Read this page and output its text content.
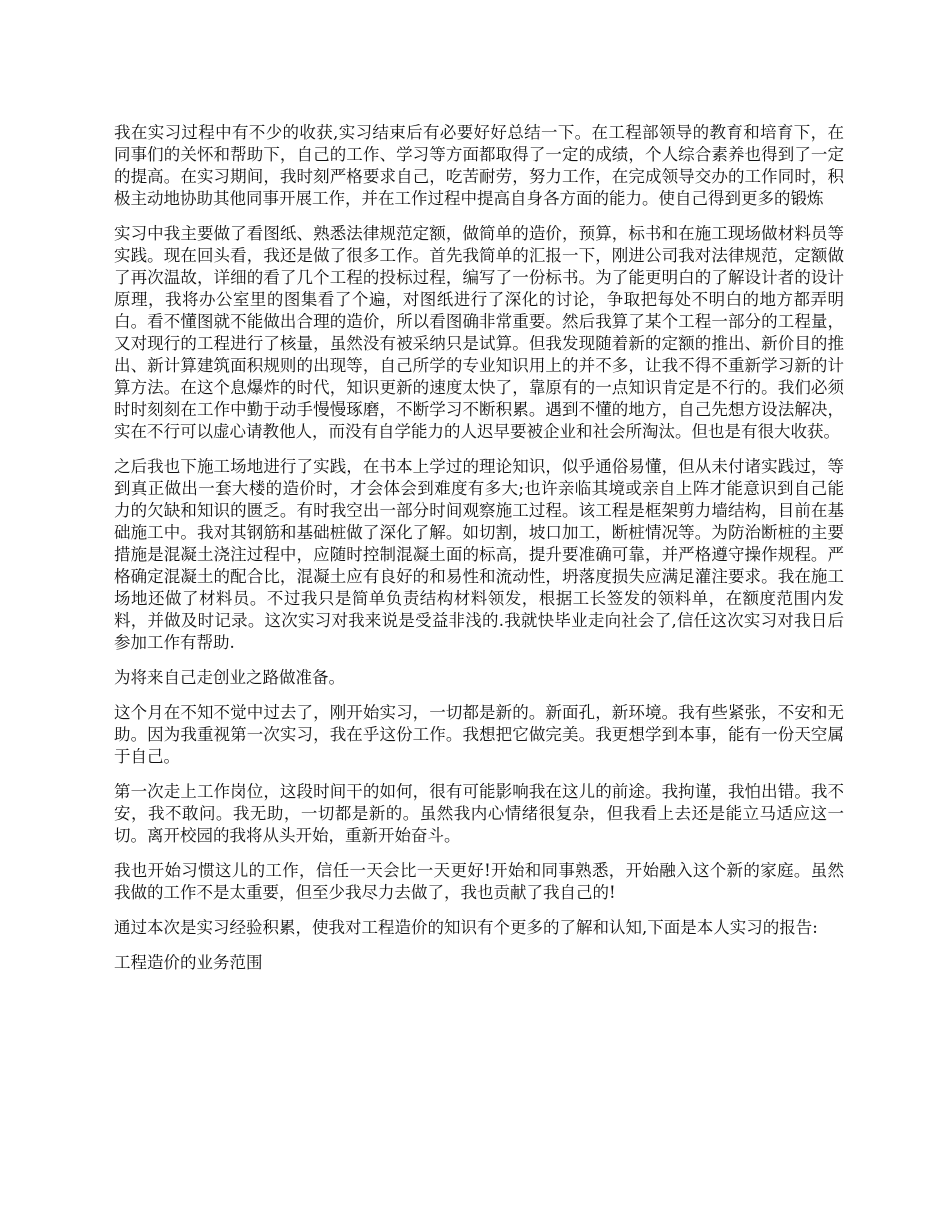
我在实习过程中有不少的收获,实习结束后有必要好好总结一下。在工程部领导的教育和培育下，在同事们的关怀和帮助下，自己的工作、学习等方面都取得了一定的成绩，个人综合素养也得到了一定的提高。在实习期间，我时刻严格要求自己，吃苦耐劳，努力工作，在完成领导交办的工作同时，积极主动地协助其他同事开展工作，并在工作过程中提高自身各方面的能力。使自己得到更多的锻炼

实习中我主要做了看图纸、熟悉法律规范定额，做简单的造价，预算，标书和在施工现场做材料员等实践。现在回头看，我还是做了很多工作。首先我简单的汇报一下，刚进公司我对法律规范，定额做了再次温故，详细的看了几个工程的投标过程，编写了一份标书。为了能更明白的了解设计者的设计原理，我将办公室里的图集看了个遍，对图纸进行了深化的讨论，争取把每处不明白的地方都弄明白。看不懂图就不能做出合理的造价，所以看图确非常重要。然后我算了某个工程一部分的工程量，又对现行的工程进行了核量，虽然没有被采纳只是试算。但我发现随着新的定额的推出、新价目的推出、新计算建筑面积规则的出现等，自己所学的专业知识用上的并不多，让我不得不重新学习新的计算方法。在这个息爆炸的时代，知识更新的速度太快了，靠原有的一点知识肯定是不行的。我们必须时时刻刻在工作中勤于动手慢慢琢磨，不断学习不断积累。遇到不懂的地方，自己先想方设法解决，实在不行可以虚心请教他人，而没有自学能力的人迟早要被企业和社会所淘汰。但也是有很大收获。

之后我也下施工场地进行了实践，在书本上学过的理论知识，似乎通俗易懂，但从未付诸实践过，等到真正做出一套大楼的造价时，才会体会到难度有多大;也许亲临其境或亲自上阵才能意识到自己能力的欠缺和知识的匮乏。有时我空出一部分时间观察施工过程。该工程是框架剪力墙结构，目前在基础施工中。我对其钢筋和基础桩做了深化了解。如切割，坡口加工，断桩情况等。为防治断桩的主要措施是混凝土浇注过程中，应随时控制混凝土面的标高，提升要准确可靠，并严格遵守操作规程。严格确定混凝土的配合比，混凝土应有良好的和易性和流动性，坍落度损失应满足灌注要求。我在施工场地还做了材料员。不过我只是简单负责结构材料领发，根据工长签发的领料单，在额度范围内发料，并做及时记录。这次实习对我来说是受益非浅的.我就快毕业走向社会了,信任这次实习对我日后参加工作有帮助.

为将来自己走创业之路做准备。

这个月在不知不觉中过去了，刚开始实习，一切都是新的。新面孔，新环境。我有些紧张，不安和无助。因为我重视第一次实习，我在乎这份工作。我想把它做完美。我更想学到本事，能有一份天空属于自己。

第一次走上工作岗位，这段时间干的如何，很有可能影响我在这儿的前途。我拘谨，我怕出错。我不安，我不敢问。我无助，一切都是新的。虽然我内心情绪很复杂，但我看上去还是能立马适应这一切。离开校园的我将从头开始，重新开始奋斗。

我也开始习惯这儿的工作，信任一天会比一天更好!开始和同事熟悉，开始融入这个新的家庭。虽然我做的工作不是太重要，但至少我尽力去做了，我也贡献了我自己的!

通过本次是实习经验积累，使我对工程造价的知识有个更多的了解和认知,下面是本人实习的报告:

工程造价的业务范围
